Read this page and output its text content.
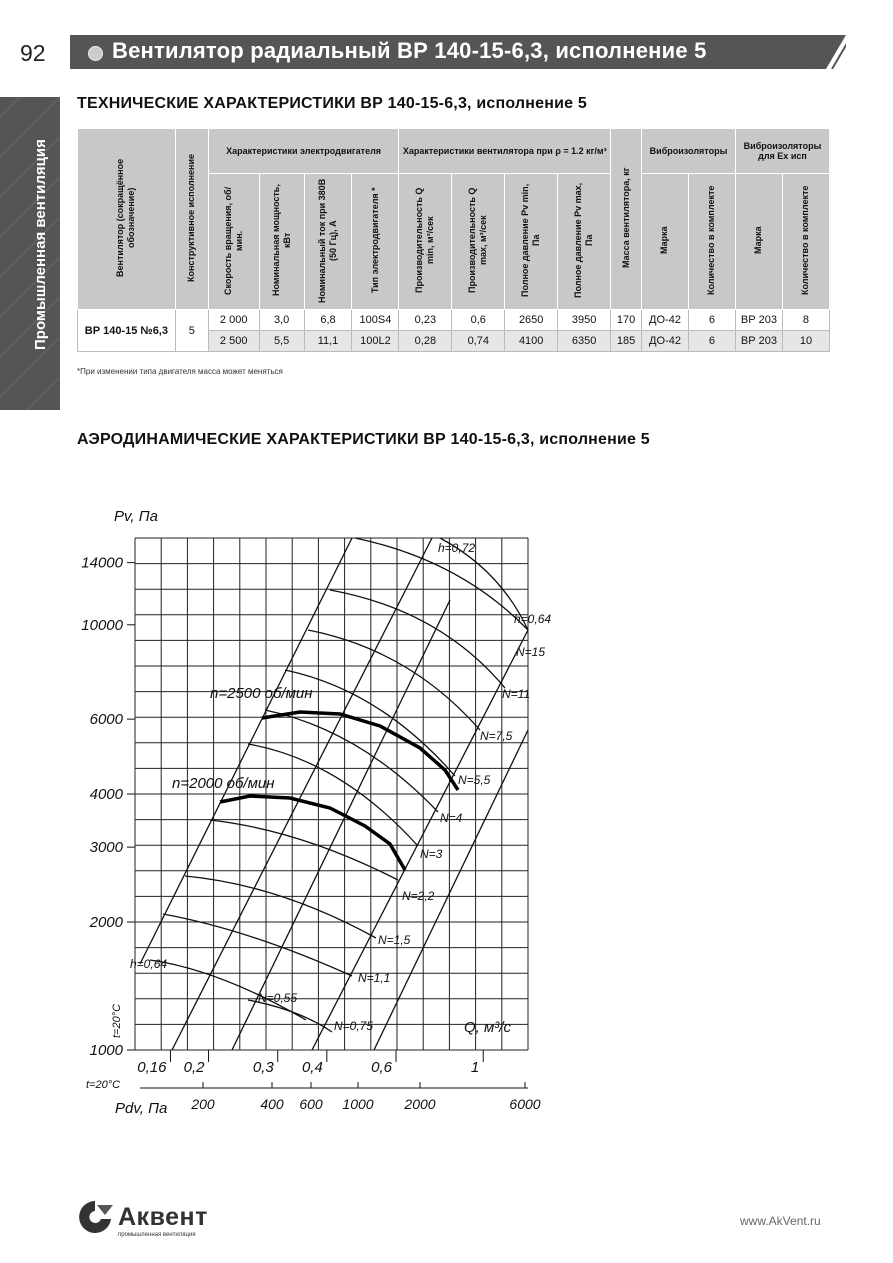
92	Вентилятор радиальный ВР 140-15-6,3, исполнение 5
Промышленная вентиляция
ТЕХНИЧЕСКИЕ ХАРАКТЕРИСТИКИ ВР 140-15-6,3, исполнение 5
Вентилятор (сокращённое обозначение)	Конструктивное исполнение	Характеристики электродвигателя				Характеристики вентилятора при ρ = 1.2 кг/м³				Масса вентилятора, кг	Виброизоляторы		Виброизоляторы для Ex исп	
		Скорость вращения, об/мин.	Номинальная мощность, кВт	Номинальный ток при 380В (50 Гц), А	Тип электродвигателя *	Производительность Q min, м³/сек	Производительность Q max, м³/сек	Полное давление Pv min, Па	Полное давление Pv max, Па		Марка	Количество в комплекте	Марка	Количество в комплекте
ВР 140-15 №6,3	5	2 000	3,0	6,8	100S4	0,23	0,6	2650	3950	170	ДО-42	6	ВР 203	8
		2 500	5,5	11,1	100L2	0,28	0,74	4100	6350	185	ДО-42	6	ВР 203	10
*При изменении типа двигателя масса может меняться
АЭРОДИНАМИЧЕСКИЕ ХАРАКТЕРИСТИКИ ВР 140-15-6,3, исполнение 5
1000
2000
3000
4000
6000
10000
14000
0,16 0,2	0,3 0,4	0,6	1
200	400 600 1000 2000	6000
n=2500 об/мин
n=2000 об/мин
N=15
N=11
N=7,5
N=5,5
N=4
N=3
N=2,2
N=1,5
N=1,1
N=0,75
N=0,55
h=0,72
h=0,64
h=0,64
Pv, Па
Q, м³/с
Pdv, Па
t=20°C
t=20°C
Аквент
промышленная вентиляция
www.AkVent.ru
